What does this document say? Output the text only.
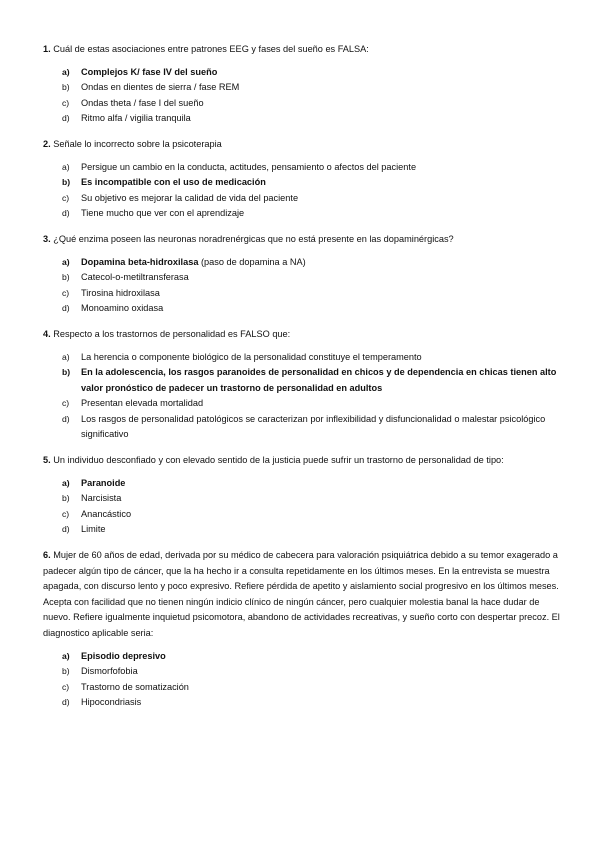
1. Cuál de estas asociaciones entre patrones EEG y fases del sueño es FALSA:
a)	Complejos K/ fase IV del sueño
b)	Ondas en dientes de sierra / fase REM
c)	Ondas theta / fase I del sueño
d)	Ritmo alfa / vigilia tranquila
2. Señale lo incorrecto sobre la psicoterapia
a)	Persigue un cambio en la conducta, actitudes, pensamiento o afectos del paciente
b)	Es incompatible con el uso de medicación
c)	Su objetivo es mejorar la calidad de vida del paciente
d)	Tiene mucho que ver con el aprendizaje
3. ¿Qué enzima poseen las neuronas noradrenérgicas que no está presente en las dopaminérgicas?
a)	Dopamina beta-hidroxilasa (paso de dopamina a NA)
b)	Catecol-o-metiltransferasa
c)	Tirosina hidroxilasa
d)	Monoamino oxidasa
4. Respecto a los trastornos de personalidad es FALSO que:
a)	La herencia o componente biológico de la personalidad constituye el temperamento
b)	En la adolescencia, los rasgos paranoides de personalidad en chicos y de dependencia en chicas tienen alto valor pronóstico de padecer un trastorno de personalidad en adultos
c)	Presentan elevada mortalidad
d)	Los rasgos de personalidad patológicos se caracterizan por inflexibilidad y disfuncionalidad o malestar psicológico significativo
5. Un individuo desconfiado y con elevado sentido de la justicia puede sufrir un trastorno de personalidad de tipo:
a)	Paranoide
b)	Narcisista
c)	Anancástico
d)	Limite
6. Mujer de 60 años de edad, derivada por su médico de cabecera para valoración psiquiátrica debido a su temor exagerado a padecer algún tipo de cáncer, que la ha hecho ir a consulta repetidamente en los últimos meses. En la entrevista se muestra apagada, con discurso lento y poco expresivo. Refiere pérdida de apetito y aislamiento social progresivo en los últimos meses. Acepta con facilidad que no tienen ningún indicio clínico de ningún cáncer, pero cualquier molestia banal la hace dudar de nuevo. Refiere igualmente inquietud psicomotora, abandono de actividades recreativas, y sueño corto con despertar precoz. El diagnostico aplicable seria:
a)	Episodio depresivo
b)	Dismorfofobia
c)	Trastorno de somatización
d)	Hipocondriasis
